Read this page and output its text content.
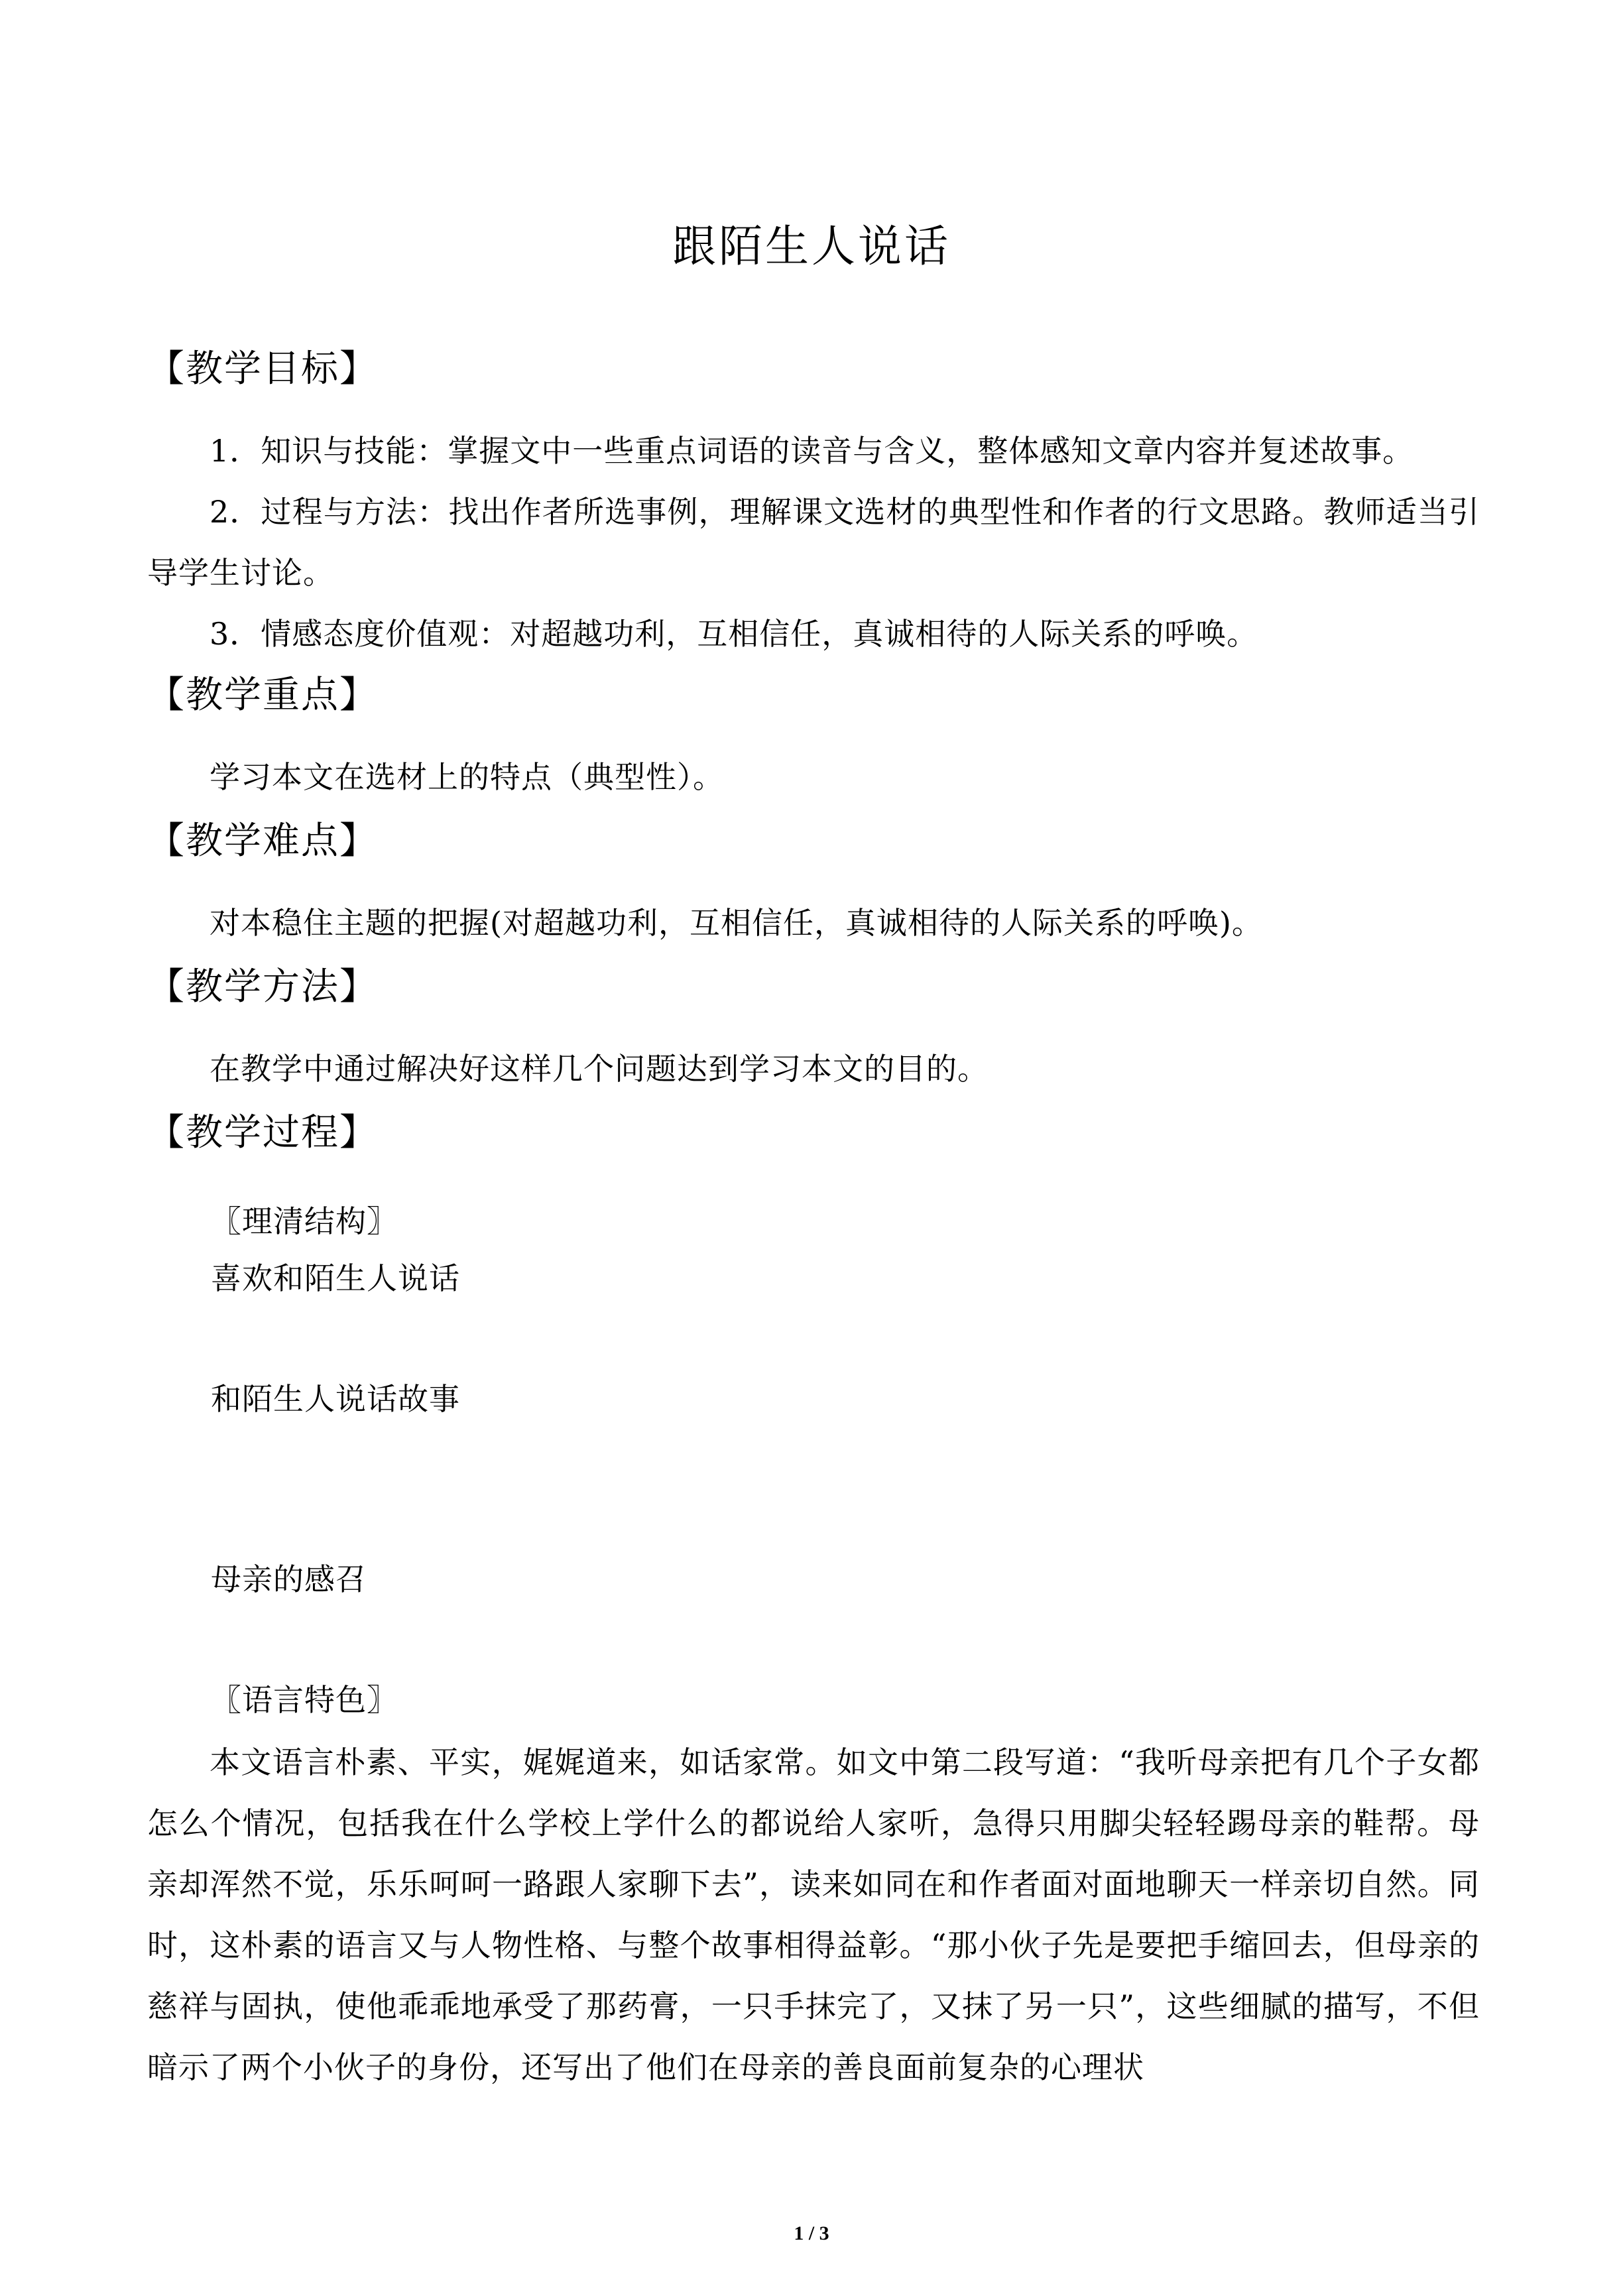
跟陌生人说话
【教学目标】
1．知识与技能：掌握文中一些重点词语的读音与含义，整体感知文章内容并复述故事。
2．过程与方法：找出作者所选事例，理解课文选材的典型性和作者的行文思路。教师适当引导学生讨论。
3．情感态度价值观：对超越功利，互相信任，真诚相待的人际关系的呼唤。
【教学重点】
学习本文在选材上的特点（典型性）。
【教学难点】
对本稳住主题的把握(对超越功利，互相信任，真诚相待的人际关系的呼唤)。
【教学方法】
在教学中通过解决好这样几个问题达到学习本文的目的。
【教学过程】
〖理清结构〗
喜欢和陌生人说话
和陌生人说话故事
母亲的感召
〖语言特色〗
本文语言朴素、平实，娓娓道来，如话家常。如文中第二段写道：“我听母亲把有几个子女都怎么个情况，包括我在什么学校上学什么的都说给人家听，急得只用脚尖轻轻踢母亲的鞋帮。母亲却浑然不觉，乐乐呵呵一路跟人家聊下去”，读来如同在和作者面对面地聊天一样亲切自然。同时，这朴素的语言又与人物性格、与整个故事相得益彰。“那小伙子先是要把手缩回去，但母亲的慈祥与固执，使他乖乖地承受了那药膏，一只手抹完了，又抹了另一只”，这些细腻的描写，不但暗示了两个小伙子的身份，还写出了他们在母亲的善良面前复杂的心理状
1 / 3
